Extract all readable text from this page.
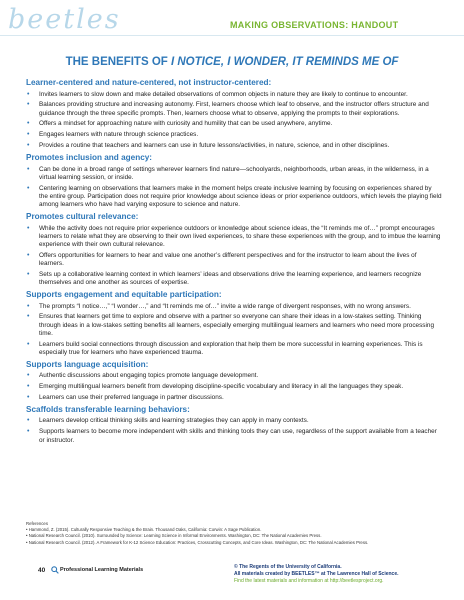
beetles	MAKING OBSERVATIONS: HANDOUT
THE BENEFITS OF I NOTICE, I WONDER, IT REMINDS ME OF
Learner-centered and nature-centered, not instructor-centered:
• Invites learners to slow down and make detailed observations of common objects in nature they are likely to continue to encounter.
• Balances providing structure and increasing autonomy. First, learners choose which leaf to observe, and the instructor offers structure and guidance through the three specific prompts. Then, learners choose what to observe, applying the prompts to their explorations.
• Offers a mindset for approaching nature with curiosity and humility that can be used anywhere, anytime.
• Engages learners with nature through science practices.
• Provides a routine that teachers and learners can use in future lessons/activities, in nature, science, and in other disciplines.
Promotes inclusion and agency:
• Can be done in a broad range of settings wherever learners find nature—schoolyards, neighborhoods, urban areas, in the wilderness, in a virtual learning session, or inside.
• Centering learning on observations that learners make in the moment helps create inclusive learning by focusing on experiences shared by the entire group. Participation does not require prior knowledge about science ideas or prior experience outdoors, which levels the playing field among learners who have had varying exposure to science and nature.
Promotes cultural relevance:
• While the activity does not require prior experience outdoors or knowledge about science ideas, the “It reminds me of…” prompt encourages learners to relate what they are observing to their own lived experiences, to share these experiences with the group, and to imbue the learning experience with their own cultural relevance.
• Offers opportunities for learners to hear and value one another’s different perspectives and for the instructor to learn about the lives of learners.
• Sets up a collaborative learning context in which learners’ ideas and observations drive the learning experience, and learners recognize themselves and one another as sources of expertise.
Supports engagement and equitable participation:
• The prompts “I notice…,” “I wonder…,” and “It reminds me of…” invite a wide range of divergent responses, with no wrong answers.
• Ensures that learners get time to explore and observe with a partner so everyone can share their ideas in a low-stakes setting. Thinking through ideas in a low-stakes setting benefits all learners, especially emerging multilingual learners and learners who need more processing time.
• Learners build social connections through discussion and exploration that help them be more successful in learning experiences. This is especially true for learners who have experienced trauma.
Supports language acquisition:
• Authentic discussions about engaging topics promote language development.
• Emerging multilingual learners benefit from developing discipline-specific vocabulary and literacy in all the languages they speak.
• Learners can use their preferred language in partner discussions.
Scaffolds transferable learning behaviors:
• Learners develop critical thinking skills and learning strategies they can apply in many contexts.
• Supports learners to become more independent with skills and thinking tools they can use, regardless of the support available from a teacher or instructor.
References
• Hammond, Z. (2015). Culturally Responsive Teaching & the Brain. Thousand Oaks, California: Corwin: A Sage Publication.
• National Research Council. (2010). Surrounded by Science: Learning Science in Informal Environments. Washington, DC: The National Academies Press.
• National Research Council. (2012). A Framework for K-12 Science Education: Practices, Crosscutting Concepts, and Core Ideas. Washington, DC: The National Academies Press.
40	Professional Learning Materials	© The Regents of the University of California.
All materials created by BEETLES™ at The Lawrence Hall of Science.
Find the latest materials and information at http://beetlesproject.org.
